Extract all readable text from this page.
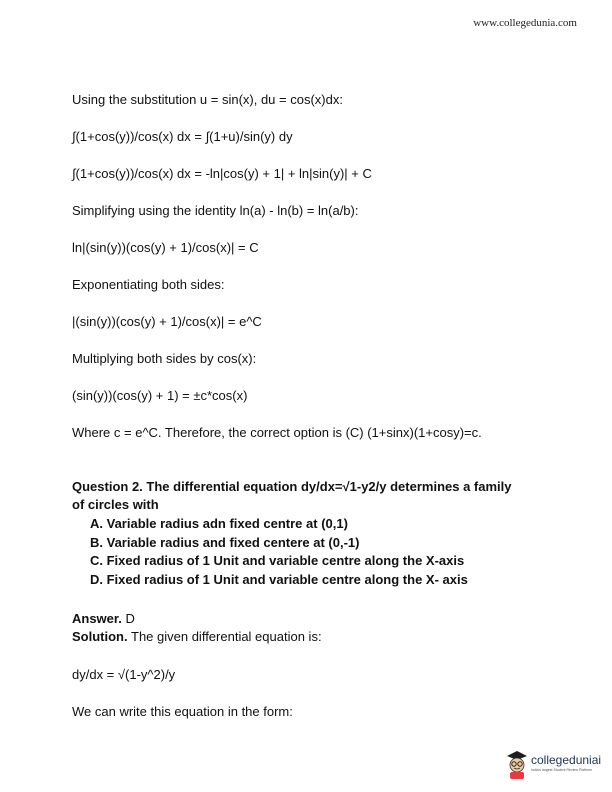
www.collegedunia.com
Using the substitution u = sin(x), du = cos(x)dx:
∫(1+cos(y))/cos(x) dx = ∫(1+u)/sin(y) dy
∫(1+cos(y))/cos(x) dx = -ln|cos(y) + 1| + ln|sin(y)| + C
Simplifying using the identity ln(a) - ln(b) = ln(a/b):
ln|(sin(y))(cos(y) + 1)/cos(x)| = C
Exponentiating both sides:
|(sin(y))(cos(y) + 1)/cos(x)| = e^C
Multiplying both sides by cos(x):
(sin(y))(cos(y) + 1) = ±c*cos(x)
Where c = e^C. Therefore, the correct option is (C) (1+sinx)(1+cosy)=c.
Question 2. The differential equation dy/dx=√1-y2/y determines a family of circles with
A. Variable radius adn fixed centre at (0,1)
B. Variable radius and fixed centere at (0,-1)
C. Fixed radius of 1 Unit and variable centre along the X-axis
D. Fixed radius of 1 Unit and variable centre along the X- axis
Answer. D
Solution. The given differential equation is:
dy/dx = √(1-y^2)/y
We can write this equation in the form:
collegeduniai
India's largest Student Review Platform
